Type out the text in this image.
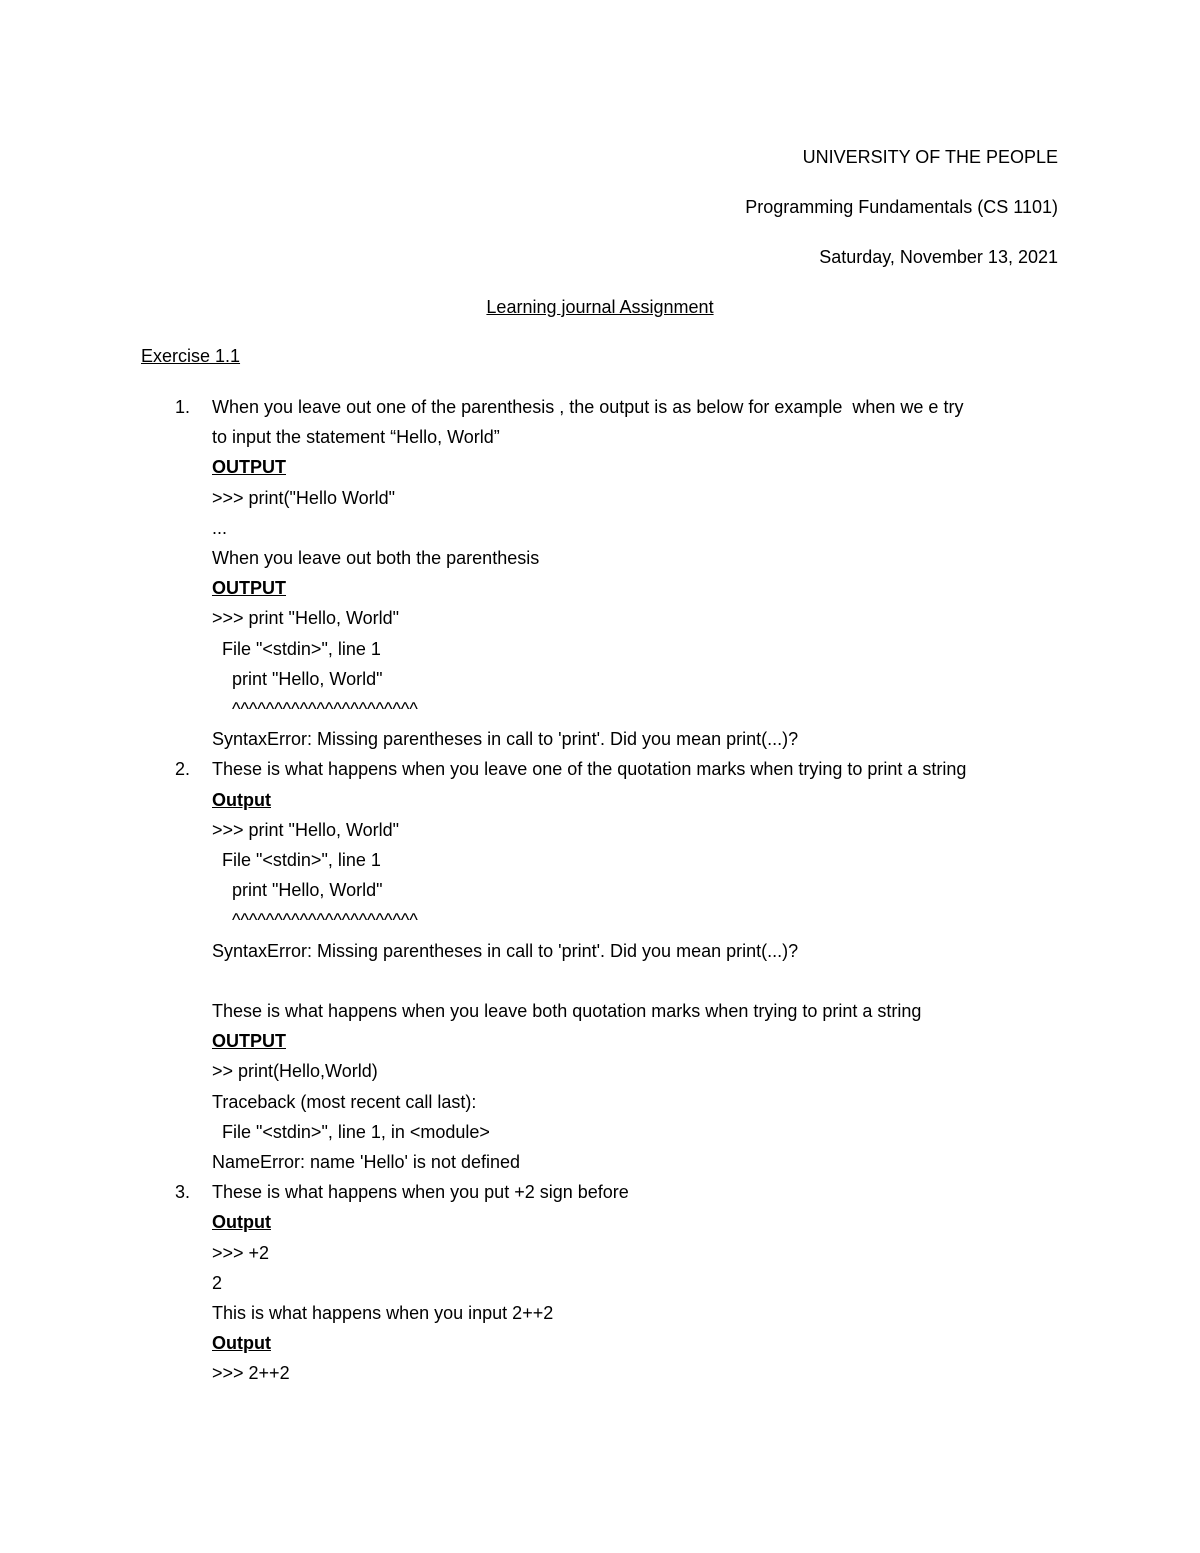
UNIVERSITY OF THE PEOPLE
Programming Fundamentals (CS 1101)
Saturday, November 13, 2021
Learning journal Assignment
Exercise 1.1
1.	When you leave out one of the parenthesis , the output is as below for example  when we e try
to input the statement “Hello, World”
OUTPUT
>>> print("Hello World"
...
When you leave out both the parenthesis
OUTPUT
>>> print "Hello, World"
File "<stdin>", line 1
print "Hello, World"
^^^^^^^^^^^^^^^^^^^^^^
SyntaxError: Missing parentheses in call to 'print'. Did you mean print(...)?
2.	These is what happens when you leave one of the quotation marks when trying to print a string
Output
>>> print "Hello, World"
File "<stdin>", line 1
print "Hello, World"
^^^^^^^^^^^^^^^^^^^^^^
SyntaxError: Missing parentheses in call to 'print'. Did you mean print(...)?
These is what happens when you leave both quotation marks when trying to print a string
OUTPUT
>> print(Hello,World)
Traceback (most recent call last):
File "<stdin>", line 1, in <module>
NameError: name 'Hello' is not defined
3.	These is what happens when you put +2 sign before
Output
>>> +2
2
This is what happens when you input 2++2
Output
>>> 2++2
